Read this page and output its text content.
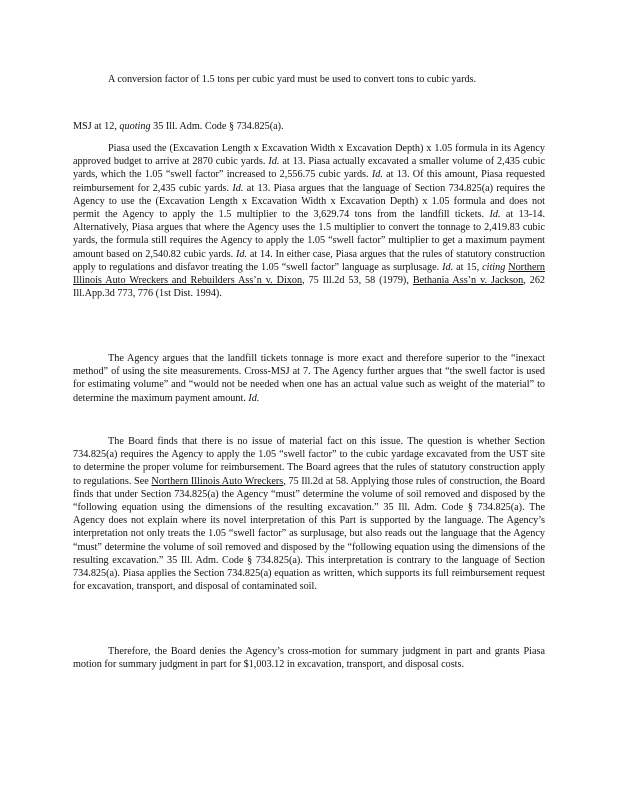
A conversion factor of 1.5 tons per cubic yard must be used to convert tons to cubic yards.

MSJ at 12, quoting 35 Ill. Adm. Code § 734.825(a).

Piasa used the (Excavation Length x Excavation Width x Excavation Depth) x 1.05 formula in its Agency approved budget to arrive at 2870 cubic yards. Id. at 13. Piasa actually excavated a smaller volume of 2,435 cubic yards, which the 1.05 “swell factor” increased to 2,556.75 cubic yards. Id. at 13. Of this amount, Piasa requested reimbursement for 2,435 cubic yards. Id. at 13. Piasa argues that the language of Section 734.825(a) requires the Agency to use the (Excavation Length x Excavation Width x Excavation Depth) x 1.05 formula and does not permit the Agency to apply the 1.5 multiplier to the 3,629.74 tons from the landfill tickets. Id. at 13-14. Alternatively, Piasa argues that where the Agency uses the 1.5 multiplier to convert the tonnage to 2,419.83 cubic yards, the formula still requires the Agency to apply the 1.05 “swell factor” multiplier to get a maximum payment amount based on 2,540.82 cubic yards. Id. at 14. In either case, Piasa argues that the rules of statutory construction apply to regulations and disfavor treating the 1.05 “swell factor” language as surplusage. Id. at 15, citing Northern Illinois Auto Wreckers and Rebuilders Ass’n v. Dixon, 75 Ill.2d 53, 58 (1979), Bethania Ass’n v. Jackson, 262 Ill.App.3d 773, 776 (1st Dist. 1994).

The Agency argues that the landfill tickets tonnage is more exact and therefore superior to the “inexact method” of using the site measurements. Cross-MSJ at 7. The Agency further argues that “the swell factor is used for estimating volume” and “would not be needed when one has an actual value such as weight of the material” to determine the maximum payment amount. Id.

The Board finds that there is no issue of material fact on this issue. The question is whether Section 734.825(a) requires the Agency to apply the 1.05 “swell factor” to the cubic yardage excavated from the UST site to determine the proper volume for reimbursement. The Board agrees that the rules of statutory construction apply to regulations. See Northern Illinois Auto Wreckers, 75 Ill.2d at 58. Applying those rules of construction, the Board finds that under Section 734.825(a) the Agency “must” determine the volume of soil removed and disposed by the “following equation using the dimensions of the resulting excavation.” 35 Ill. Adm. Code § 734.825(a). The Agency does not explain where its novel interpretation of this Part is supported by the language. The Agency’s interpretation not only treats the 1.05 “swell factor” as surplusage, but also reads out the language that the Agency “must” determine the volume of soil removed and disposed by the “following equation using the dimensions of the resulting excavation.” 35 Ill. Adm. Code § 734.825(a). This interpretation is contrary to the language of Section 734.825(a). Piasa applies the Section 734.825(a) equation as written, which supports its full reimbursement request for excavation, transport, and disposal of contaminated soil.

Therefore, the Board denies the Agency’s cross-motion for summary judgment in part and grants Piasa motion for summary judgment in part for $1,003.12 in excavation, transport, and disposal costs.
